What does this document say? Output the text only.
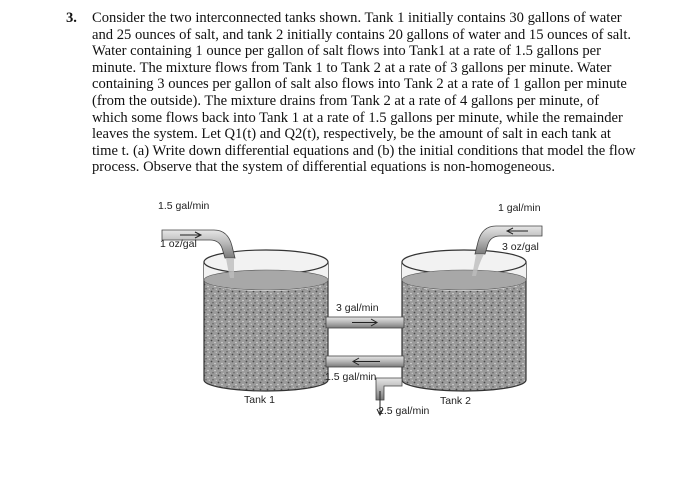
3. Consider the two interconnected tanks shown. Tank 1 initially contains 30 gallons of water
and 25 ounces of salt, and tank 2 initially contains 20 gallons of water and 15 ounces of salt.
Water containing 1 ounce per gallon of salt flows into Tank1 at a rate of 1.5 gallons per
minute. The mixture flows from Tank 1 to Tank 2 at a rate of 3 gallons per minute. Water
containing 3 ounces per gallon of salt also flows into Tank 2 at a rate of 1 gallon per minute
(from the outside). The mixture drains from Tank 2 at a rate of 4 gallons per minute, of
which some flows back into Tank 1 at a rate of 1.5 gallons per minute, while the remainder
leaves the system. Let Q1(t) and Q2(t), respectively, be the amount of salt in each tank at
time t. (a) Write down differential equations and (b) the initial conditions that model the flow
process. Observe that the system of differential equations is non-homogeneous.
1.5 gal/min
1 oz/gal
1 gal/min
3 oz/gal
3 gal/min
1.5 gal/min
2.5 gal/min
Tank 1	Tank 2
